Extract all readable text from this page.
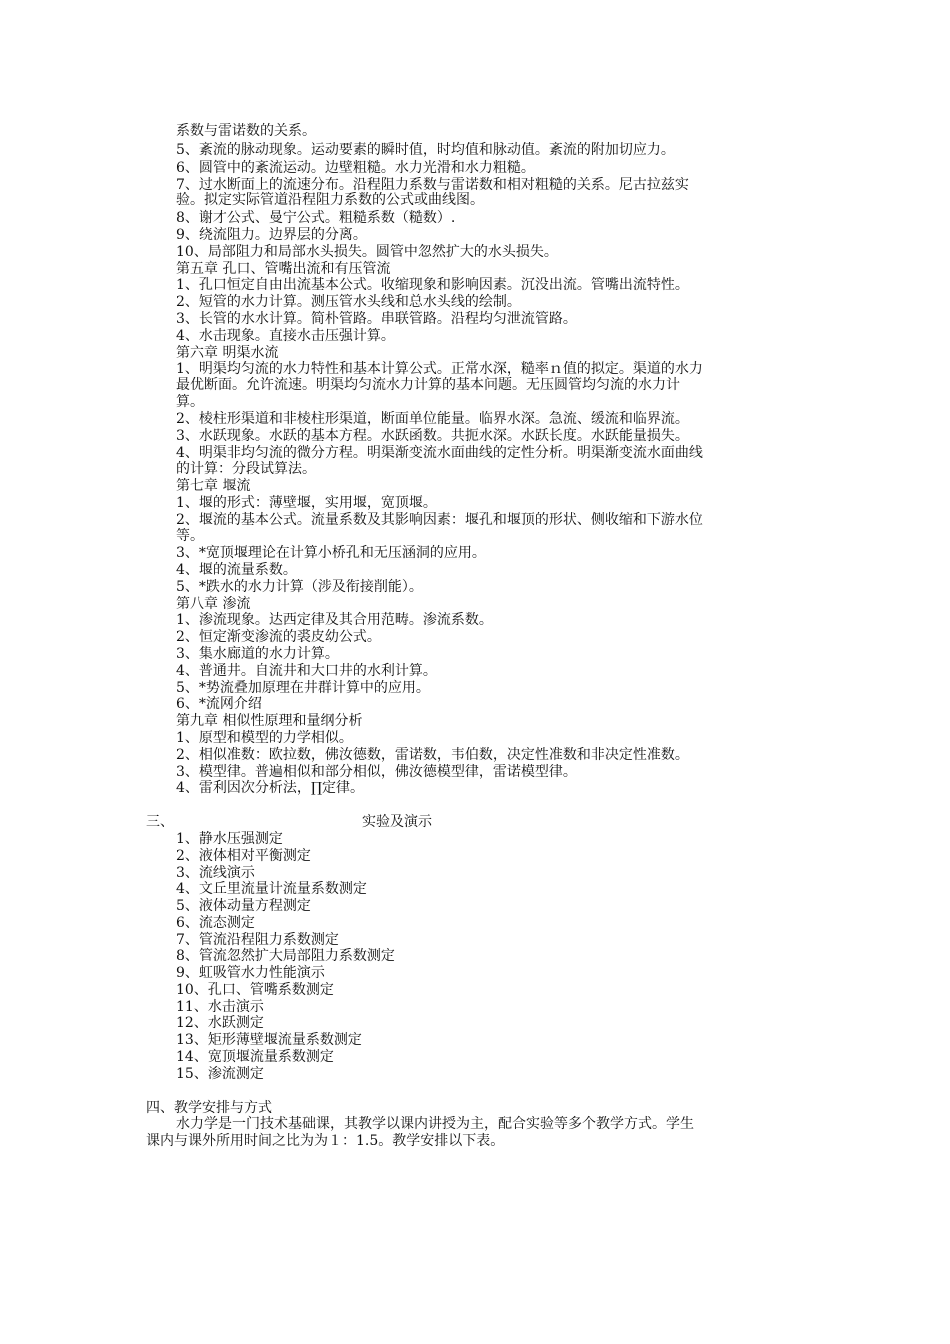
系数与雷诺数的关系。
5、紊流的脉动现象。运动要素的瞬时值，时均值和脉动值。紊流的附加切应力。
6、圆管中的紊流运动。边壁粗糙。水力光滑和水力粗糙。
7、过水断面上的流速分布。沿程阻力系数与雷诺数和相对粗糙的关系。尼古拉兹实
验。拟定实际管道沿程阻力系数的公式或曲线图。
8、谢才公式、曼宁公式。粗糙系数（糙数）.
9、绕流阻力。边界层的分离。
10、局部阻力和局部水头损失。圆管中忽然扩大的水头损失。
第五章 孔口、管嘴出流和有压管流
1、孔口恒定自由出流基本公式。收缩现象和影响因素。沉没出流。管嘴出流特性。
2、短管的水力计算。测压管水头线和总水头线的绘制。
3、长管的水水计算。简朴管路。串联管路。沿程均匀泄流管路。
4、水击现象。直接水击压强计算。
第六章 明渠水流
1、明渠均匀流的水力特性和基本计算公式。正常水深，糙率ｎ值的拟定。渠道的水力
最优断面。允许流速。明渠均匀流水力计算的基本问题。无压圆管均匀流的水力计
算。
2、棱柱形渠道和非棱柱形渠道，断面单位能量。临界水深。急流、缓流和临界流。
3、水跃现象。水跃的基本方程。水跃函数。共扼水深。水跃长度。水跃能量损失。
4、明渠非均匀流的微分方程。明渠渐变流水面曲线的定性分析。明渠渐变流水面曲线
的计算：分段试算法。
第七章 堰流
1、堰的形式：薄壁堰，实用堰，宽顶堰。
2、堰流的基本公式。流量系数及其影响因素：堰孔和堰顶的形状、侧收缩和下游水位
等。
3、*宽顶堰理论在计算小桥孔和无压涵洞的应用。
4、堰的流量系数。
5、*跌水的水力计算（涉及衔接削能）。
第八章 渗流
1、渗流现象。达西定律及其合用范畴。渗流系数。
2、恒定渐变渗流的裘皮幼公式。
3、集水廊道的水力计算。
4、普通井。自流井和大口井的水利计算。
5、*势流叠加原理在井群计算中的应用。
6、*流网介绍
第九章 相似性原理和量纲分析
1、原型和模型的力学相似。
2、相似准数：欧拉数，佛汝德数，雷诺数，韦伯数，决定性准数和非决定性准数。
3、模型律。普遍相似和部分相似，佛汝德模型律，雷诺模型律。
4、雷利因次分析法，∏定律。
三、	实验及演示
1、静水压强测定
2、液体相对平衡测定
3、流线演示
4、文丘里流量计流量系数测定
5、液体动量方程测定
6、流态测定
7、管流沿程阻力系数测定
8、管流忽然扩大局部阻力系数测定
9、虹吸管水力性能演示
10、孔口、管嘴系数测定
11、水击演示
12、水跃测定
13、矩形薄壁堰流量系数测定
14、宽顶堰流量系数测定
15、渗流测定
四、教学安排与方式
水力学是一门技术基础课，其教学以课内讲授为主，配合实验等多个教学方式。学生
课内与课外所用时间之比为为１：1.5。教学安排以下表。
